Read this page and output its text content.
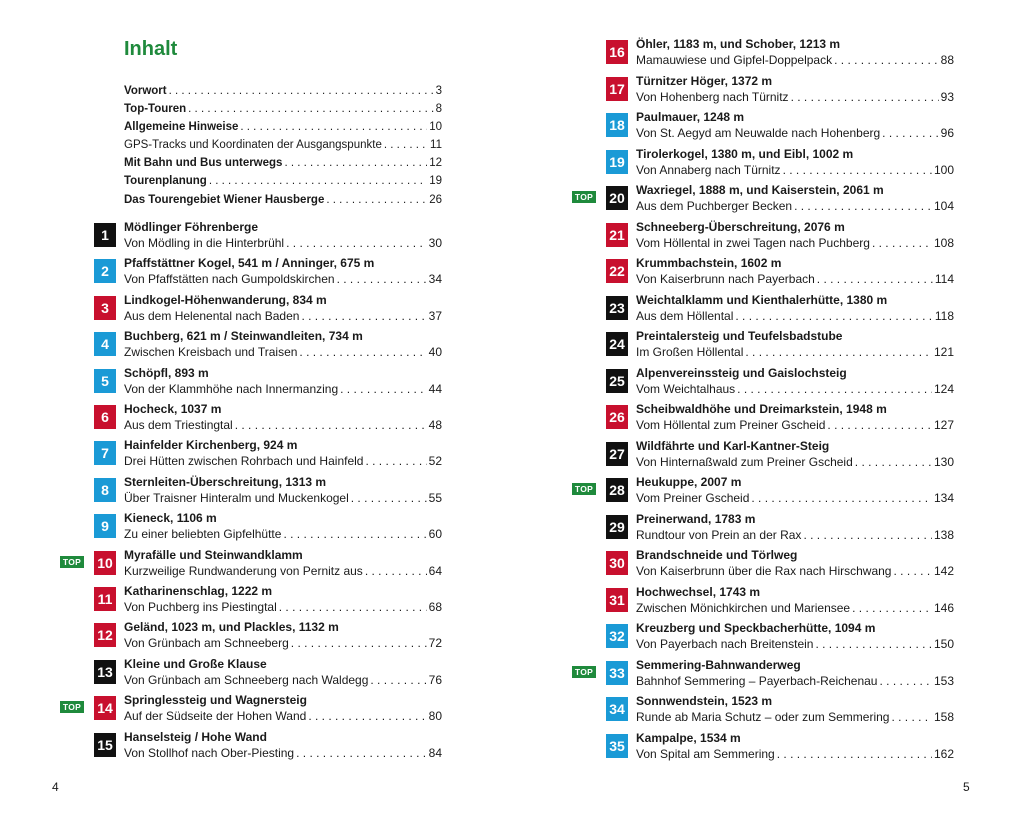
Inhalt
Vorwort . . .	3
Top-Touren . . .	8
Allgemeine Hinweise . . .	10
GPS-Tracks und Koordinaten der Ausgangspunkte . . .	11
Mit Bahn und Bus unterwegs . . .	12
Tourenplanung . . .	19
Das Tourengebiet Wiener Hausberge . . .	26
1	Mödlinger Föhrenberge
Von Mödling in die Hinterbrühl . . .	30
2	Pfaffstättner Kogel, 541 m / Anninger, 675 m
Von Pfaffstätten nach Gumpoldskirchen . . .	34
3	Lindkogel-Höhenwanderung, 834 m
Aus dem Helenental nach Baden . . .	37
4	Buchberg, 621 m / Steinwandleiten, 734 m
Zwischen Kreisbach und Traisen . . .	40
5	Schöpfl, 893 m
Von der Klammhöhe nach Innermanzing . . .	44
6	Hocheck, 1037 m
Aus dem Triestingtal . . .	48
7	Hainfelder Kirchenberg, 924 m
Drei Hütten zwischen Rohrbach und Hainfeld . . .	52
8	Sternleiten-Überschreitung, 1313 m
Über Traisner Hinteralm und Muckenkogel . . .	55
9	Kieneck, 1106 m
Zu einer beliebten Gipfelhütte . . .	60
TOP 10 Myrafälle und Steinwandklamm
Kurzweilige Rundwanderung von Pernitz aus . . .	64
11 Katharinenschlag, 1222 m
Von Puchberg ins Piestingtal . . .	68
12 Geländ, 1023 m, und Plackles, 1132 m
Von Grünbach am Schneeberg . . .	72
13 Kleine und Große Klause
Von Grünbach am Schneeberg nach Waldegg . . .	76
TOP 14 Springlessteig und Wagnersteig
Auf der Südseite der Hohen Wand . . .	80
15 Hanselsteig / Hohe Wand
Von Stollhof nach Ober-Piesting . . .	84
4
16 Öhler, 1183 m, und Schober, 1213 m
Mamauwiese und Gipfel-Doppelpack . . .	88
17 Türnitzer Höger, 1372 m
Von Hohenberg nach Türnitz . . .	93
18 Paulmauer, 1248 m
Von St. Aegyd am Neuwalde nach Hohenberg . . .	96
19 Tirolerkogel, 1380 m, und Eibl, 1002 m
Von Annaberg nach Türnitz . . .	100
TOP 20 Waxriegel, 1888 m, und Kaiserstein, 2061 m
Aus dem Puchberger Becken . . .	104
21 Schneeberg-Überschreitung, 2076 m
Vom Höllental in zwei Tagen nach Puchberg . . .	108
22 Krummbachstein, 1602 m
Von Kaiserbrunn nach Payerbach . . .	114
23 Weichtalklamm und Kienthalerhütte, 1380 m
Aus dem Höllental . . .	118
24 Preintalersteig und Teufelsbadstube
Im Großen Höllental . . .	121
25 Alpenvereinssteig und Gaislochsteig
Vom Weichtalhaus . . .	124
26 Scheibwaldhöhe und Dreimarkstein, 1948 m
Vom Höllental zum Preiner Gscheid . . .	127
27 Wildfährte und Karl-Kantner-Steig
Von Hinternaßwald zum Preiner Gscheid . . .	130
TOP 28 Heukuppe, 2007 m
Vom Preiner Gscheid . . .	134
29 Preinerwand, 1783 m
Rundtour von Prein an der Rax . . .	138
30 Brandschneide und Törlweg
Von Kaiserbrunn über die Rax nach Hirschwang . . .	142
31 Hochwechsel, 1743 m
Zwischen Mönichkirchen und Mariensee . . .	146
32 Kreuzberg und Speckbacherhütte, 1094 m
Von Payerbach nach Breitenstein . . .	150
TOP 33 Semmering-Bahnwanderweg
Bahnhof Semmering – Payerbach-Reichenau . . .	153
34 Sonnwendstein, 1523 m
Runde ab Maria Schutz – oder zum Semmering . . .	158
35 Kampalpe, 1534 m
Von Spital am Semmering . . .	162
5
